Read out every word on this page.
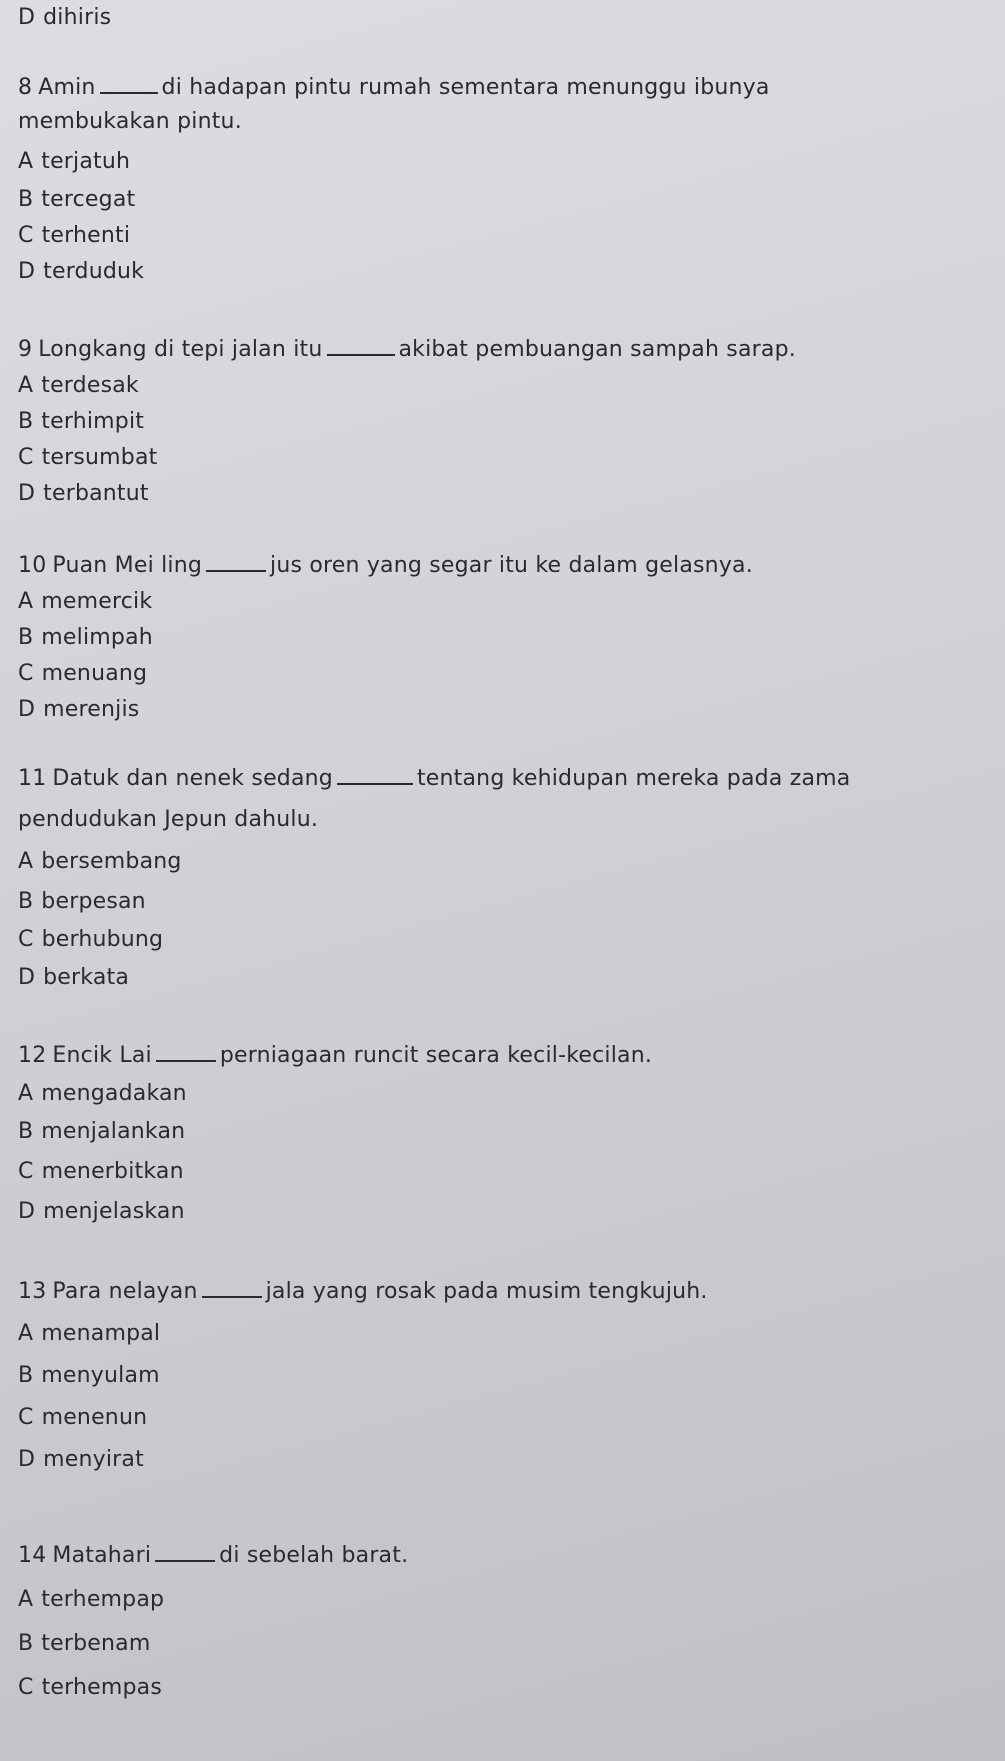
D dihiris
8 Amin	di hadapan pintu rumah sementara menunggu ibunya
membukakan pintu.
A terjatuh
B tercegat
C terhenti
D terduduk
9 Longkang di tepi jalan itu	akibat pembuangan sampah sarap.
A terdesak
B terhimpit
C tersumbat
D terbantut
10 Puan Mei ling	jus oren yang segar itu ke dalam gelasnya.
A memercik
B melimpah
C menuang
D merenjis
11 Datuk dan nenek sedang	tentang kehidupan mereka pada zama
pendudukan Jepun dahulu.
A bersembang
B berpesan
C berhubung
D berkata
12 Encik Lai	perniagaan runcit secara kecil-kecilan.
A mengadakan
B menjalankan
C menerbitkan
D menjelaskan
13 Para nelayan	jala yang rosak pada musim tengkujuh.
A menampal
B menyulam
C menenun
D menyirat
14 Matahari	di sebelah barat.
A terhempap
B terbenam
C terhempas
